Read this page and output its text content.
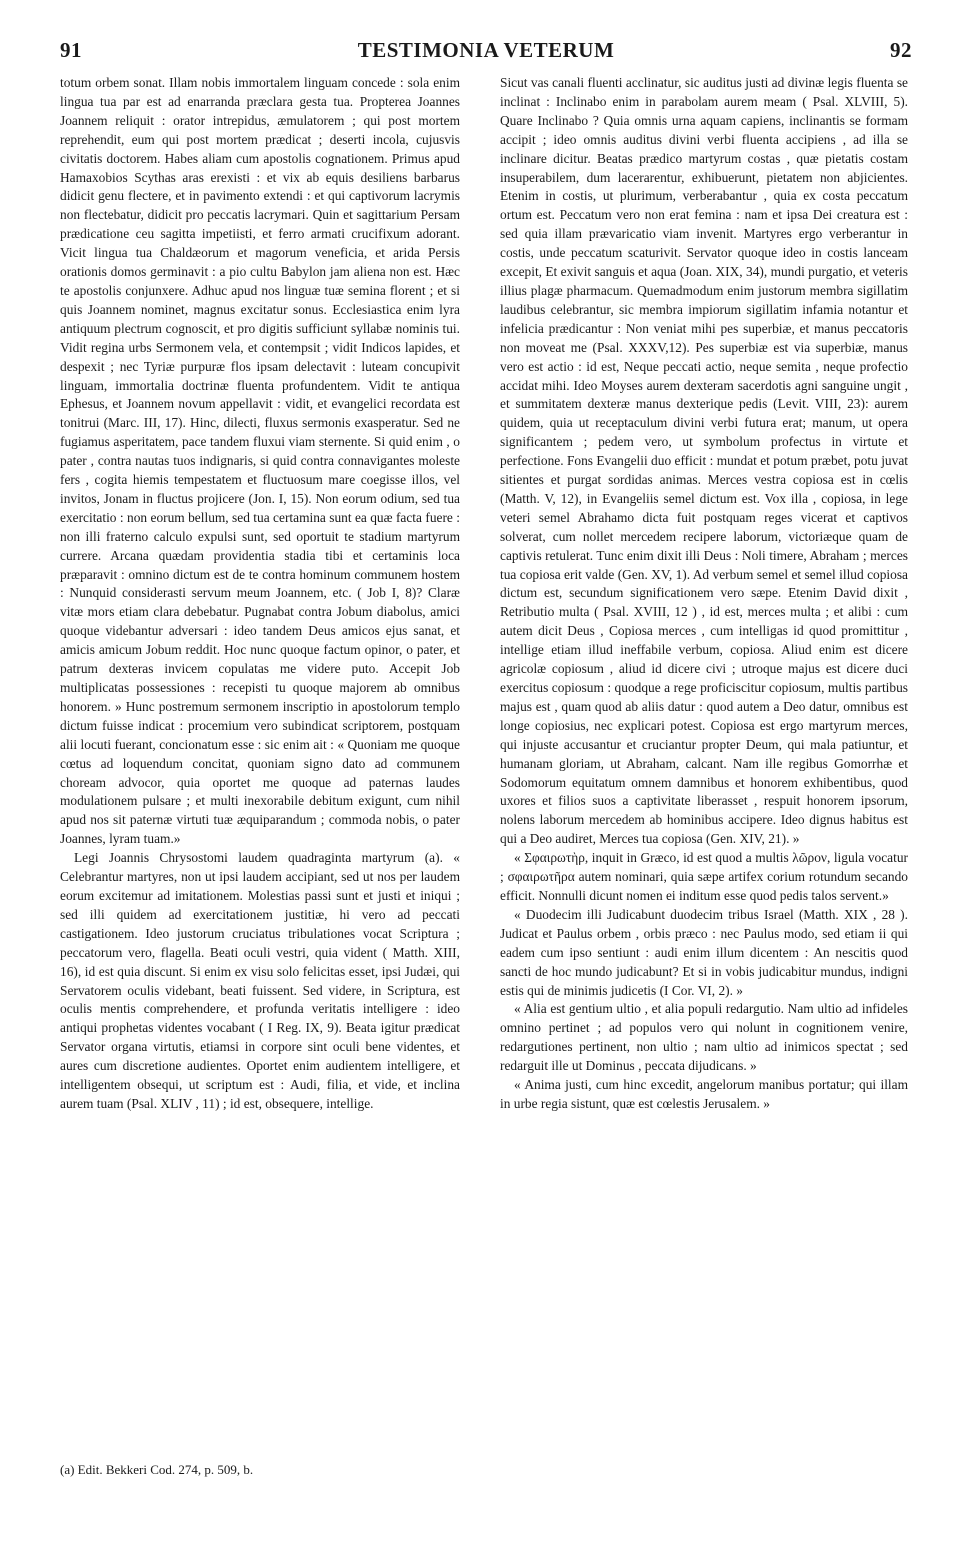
91	TESTIMONIA VETERUM	92

totum orbem sonat. Illam nobis immortalem linguam concede : sola enim lingua tua par est ad enarranda præclara gesta tua. Propterea Joannes Joannem reliquit : orator intrepidus, æmulatorem ; qui post mortem reprehendit, eum qui post mortem prædicat ; deserti incola, cujusvis civitatis doctorem. Habes aliam cum apostolis cognationem. Primus apud Hamaxobios Scythas aras erexisti : et vix ab equis desiliens barbarus didicit genu flectere, et in pavimento extendi : et qui captivorum lacrymis non flectebatur, didicit pro peccatis lacrymari. Quin et sagittarium Persam prædicatione ceu sagitta impetiisti, et ferro armati crucifixum adorant. Vicit lingua tua Chaldæorum et magorum veneficia, et arida Persis orationis domos germinavit : a pio cultu Babylon jam aliena non est. Hæc te apostolis conjunxere. Adhuc apud nos linguæ tuæ semina florent ; et si quis Joannem nominet, magnus excitatur sonus. Ecclesiastica enim lyra antiquum plectrum cognoscit, et pro digitis sufficiunt syllabæ nominis tui. Vidit regina urbs Sermonem vela, et contempsit ; vidit Indicos lapides, et despexit ; nec Tyriæ purpuræ flos ipsam delectavit : luteam concupivit linguam, immortalia doctrinæ fluenta profundentem. Vidit te antiqua Ephesus, et Joannem novum appellavit : vidit, et evangelici recordata est tonitrui (Marc. III, 17). Hinc, dilecti, fluxus sermonis exasperatur. Sed ne fugiamus asperitatem, pace tandem fluxui viam sternente. Si quid enim , o pater , contra nautas tuos indignaris, si quid contra connavigantes moleste fers , cogita hiemis tempestatem et fluctuosum mare coegisse illos, vel invitos, Jonam in fluctus projicere (Jon. I, 15). Non eorum odium, sed tua exercitatio : non eorum bellum, sed tua certamina sunt ea quæ facta fuere : non illi fraterno calculo expulsi sunt, sed oportuit te stadium martyrum currere. Arcana quædam providentia stadia tibi et certaminis loca præparavit : omnino dictum est de te contra hominum communem hostem : Nunquid considerasti servum meum Joannem, etc. ( Job I, 8)? Claræ vitæ mors etiam clara debebatur. Pugnabat contra Jobum diabolus, amici quoque videbantur adversari : ideo tandem Deus amicos ejus sanat, et amicis amicum Jobum reddit. Hoc nunc quoque factum opinor, o pater, et patrum dexteras invicem copulatas me videre puto. Accepit Job multiplicatas possessiones : recepisti tu quoque majorem ab omnibus honorem. » Hunc postremum sermonem inscriptio in apostolorum templo dictum fuisse indicat : procemium vero subindicat scriptorem, postquam alii locuti fuerant, concionatum esse : sic enim ait : « Quoniam me quoque cœtus ad loquendum concitat, quoniam signo dato ad communem choream advocor, quia oportet me quoque ad paternas laudes modulationem pulsare ; et multi inexorabile debitum exigunt, cum nihil apud nos sit paternæ virtuti tuæ æquiparandum ; commoda nobis, o pater Joannes, lyram tuam.»

Legi Joannis Chrysostomi laudem quadraginta martyrum (a). « Celebrantur martyres, non ut ipsi laudem accipiant, sed ut nos per laudem eorum excitemur ad imitationem. Molestias passi sunt et justi et iniqui ; sed illi quidem ad exercitationem justitiæ, hi vero ad peccati castigationem. Ideo justorum cruciatus tribulationes vocat Scriptura ; peccatorum vero, flagella. Beati oculi vestri, quia vident ( Matth. XIII, 16), id est quia discunt. Si enim ex visu solo felicitas esset, ipsi Judæi, qui Servatorem oculis videbant, beati fuissent. Sed videre, in Scriptura, est oculis mentis comprehendere, et profunda veritatis intelligere : ideo antiqui prophetas videntes vocabant ( I Reg. IX, 9). Beata igitur prædicat Servator organa virtutis, etiamsi in corpore sint oculi bene videntes, et aures cum discretione audientes. Oportet enim audientem intelligere, et intelligentem obsequi, ut scriptum est : Audi, filia, et vide, et inclina aurem tuam (Psal. XLIV , 11) ; id est, obsequere, intellige.

(a) Edit. Bekkeri Cod. 274, p. 509, b.

Sicut vas canali fluenti acclinatur, sic auditus justi ad divinæ legis fluenta se inclinat : Inclinabo enim in parabolam aurem meam ( Psal. XLVIII, 5). Quare Inclinabo ? Quia omnis urna aquam capiens, inclinantis se formam accipit ; ideo omnis auditus divini verbi fluenta accipiens , ad illa se inclinare dicitur. Beatas prædico martyrum costas , quæ pietatis costam insuperabilem, dum lacerarentur, exhibuerunt, pietatem non abjicientes. Etenim in costis, ut plurimum, verberabantur , quia ex costa peccatum ortum est. Peccatum vero non erat femina : nam et ipsa Dei creatura est : sed quia illam prævaricatio viam invenit. Martyres ergo verberantur in costis, unde peccatum scaturivit. Servator quoque ideo in costis lanceam excepit, Et exivit sanguis et aqua (Joan. XIX, 34), mundi purgatio, et veteris illius plagæ pharmacum. Quemadmodum enim justorum membra sigillatim laudibus celebrantur, sic membra impiorum sigillatim infamia notantur et infelicia prædicantur : Non veniat mihi pes superbiæ, et manus peccatoris non moveat me (Psal. XXXV,12). Pes superbiæ est via superbiæ, manus vero est actio : id est, Neque peccati actio, neque semita , neque profectio accidat mihi. Ideo Moyses aurem dexteram sacerdotis agni sanguine ungit , et summitatem dexteræ manus dexterique pedis (Levit. VIII, 23): aurem quidem, quia ut receptaculum divini verbi futura erat; manum, ut opera significantem ; pedem vero, ut symbolum profectus in virtute et perfectione. Fons Evangelii duo efficit : mundat et potum præbet, potu juvat sitientes et purgat sordidas animas. Merces vestra copiosa est in cœlis (Matth. V, 12), in Evangeliis semel dictum est. Vox illa , copiosa, in lege veteri semel Abrahamo dicta fuit postquam reges vicerat et captivos solverat, cum nollet mercedem recipere laborum, victoriæque quam de captivis retulerat. Tunc enim dixit illi Deus : Noli timere, Abraham ; merces tua copiosa erit valde (Gen. XV, 1). Ad verbum semel et semel illud copiosa dictum est, secundum significationem vero sæpe. Etenim David dixit , Retributio multa ( Psal. XVIII, 12 ) , id est, merces multa ; et alibi : cum autem dicit Deus , Copiosa merces , cum intelligas id quod promittitur , intellige etiam illud ineffabile verbum, copiosa. Aliud enim est dicere agricolæ copiosum , aliud id dicere civi ; utroque majus est dicere duci exercitus copiosum : quodque a rege proficiscitur copiosum, multis partibus majus est , quam quod ab aliis datur : quod autem a Deo datur, omnibus est longe copiosius, nec explicari potest. Copiosa est ergo martyrum merces, qui injuste accusantur et cruciantur propter Deum, qui mala patiuntur, et humanam gloriam, ut Abraham, calcant. Nam ille regibus Gomorrhæ et Sodomorum equitatum omnem damnibus et honorem exhibentibus, quod uxores et filios suos a captivitate liberasset , respuit honorem ipsorum, nolens laborum mercedem ab hominibus accipere. Ideo dignus habitus est qui a Deo audiret, Merces tua copiosa (Gen. XIV, 21). »

« Σφαιρωτὴρ, inquit in Græco, id est quod a multis λῶρον, ligula vocatur ; σφαιρωτῆρα autem nominari, quia sæpe artifex corium rotundum secando efficit. Nonnulli dicunt nomen ei inditum esse quod pedis talos servent.»

« Duodecim illi Judicabunt duodecim tribus Israel (Matth. XIX , 28 ). Judicat et Paulus orbem , orbis præco : nec Paulus modo, sed etiam ii qui eadem cum ipso sentiunt : audi enim illum dicentem : An nescitis quod sancti de hoc mundo judicabunt? Et si in vobis judicabitur mundus, indigni estis qui de minimis judicetis (I Cor. VI, 2). »

« Alia est gentium ultio , et alia populi redargutio. Nam ultio ad infideles omnino pertinet ; ad populos vero qui nolunt in cognitionem venire, redargutiones pertinent, non ultio ; nam ultio ad inimicos spectat ; sed redarguit ille ut Dominus , peccata dijudicans. »

« Anima justi, cum hinc excedit, angelorum manibus portatur; qui illam in urbe regia sistunt, quæ est cœlestis Jerusalem. »
